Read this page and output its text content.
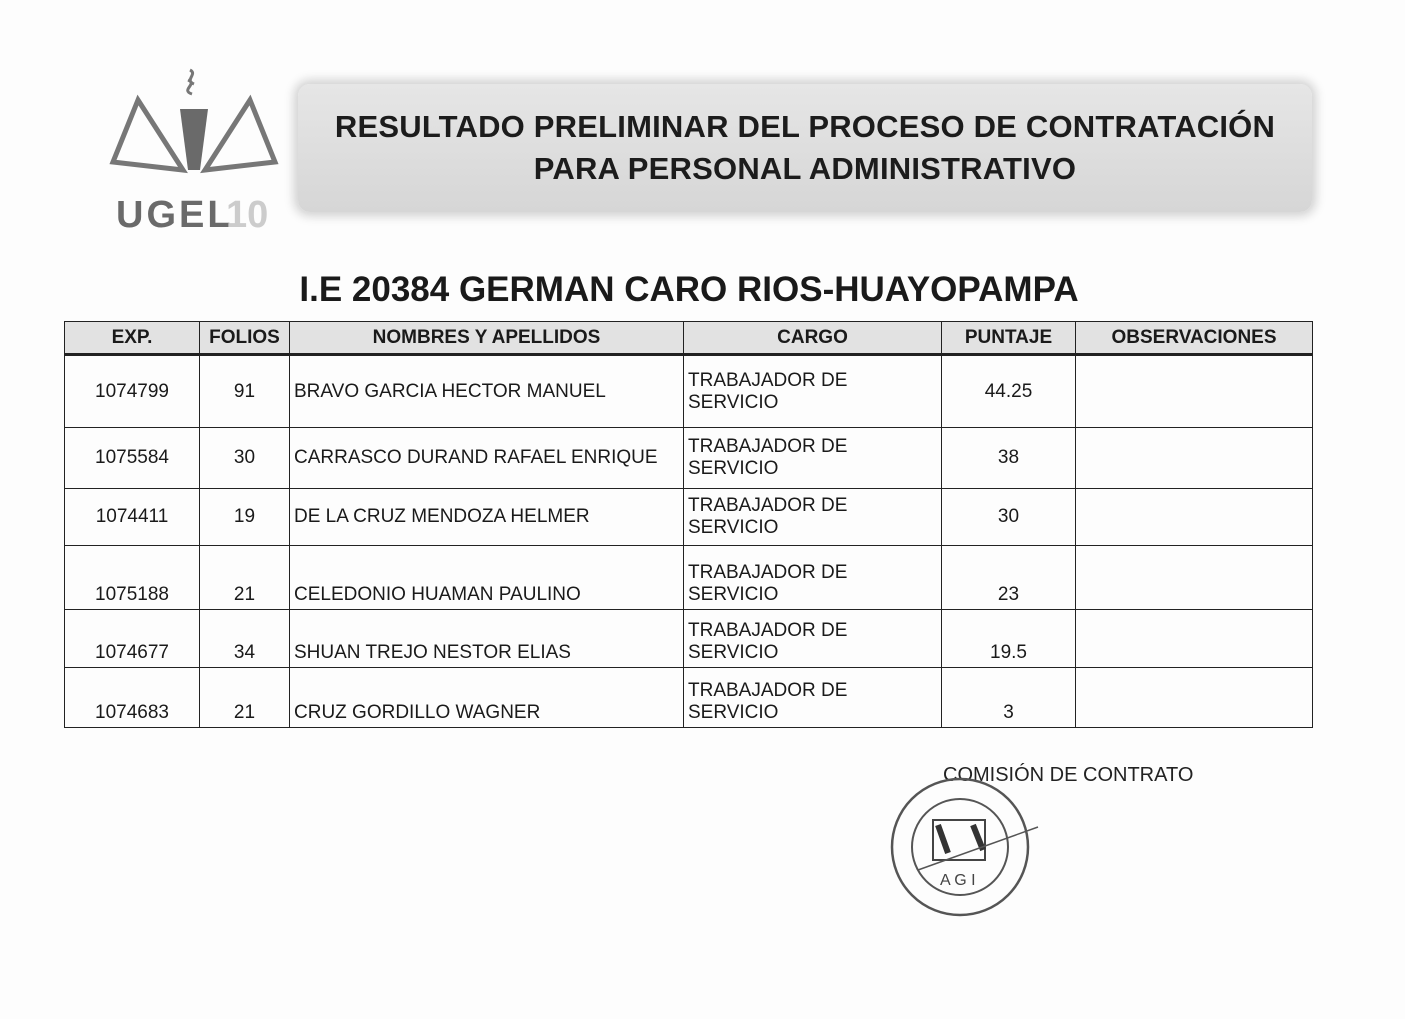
UGEL
10
RESULTADO PRELIMINAR DEL PROCESO DE CONTRATACIÓN
PARA PERSONAL ADMINISTRATIVO
I.E 20384 GERMAN CARO RIOS-HUAYOPAMPA
EXP.	FOLIOS	NOMBRES Y APELLIDOS	CARGO	PUNTAJE	OBSERVACIONES
1074799	91	BRAVO GARCIA HECTOR MANUEL	TRABAJADOR DE SERVICIO	44.25	
1075584	30	CARRASCO DURAND RAFAEL ENRIQUE	TRABAJADOR DE SERVICIO	38	
1074411	19	DE LA CRUZ MENDOZA HELMER	TRABAJADOR DE SERVICIO	30	
1075188	21	CELEDONIO HUAMAN PAULINO	TRABAJADOR DE SERVICIO	23	
1074677	34	SHUAN TREJO NESTOR ELIAS	TRABAJADOR DE SERVICIO	19.5	
1074683	21	CRUZ GORDILLO WAGNER	TRABAJADOR DE SERVICIO	3	
COMISIÓN DE CONTRATO
A G I
